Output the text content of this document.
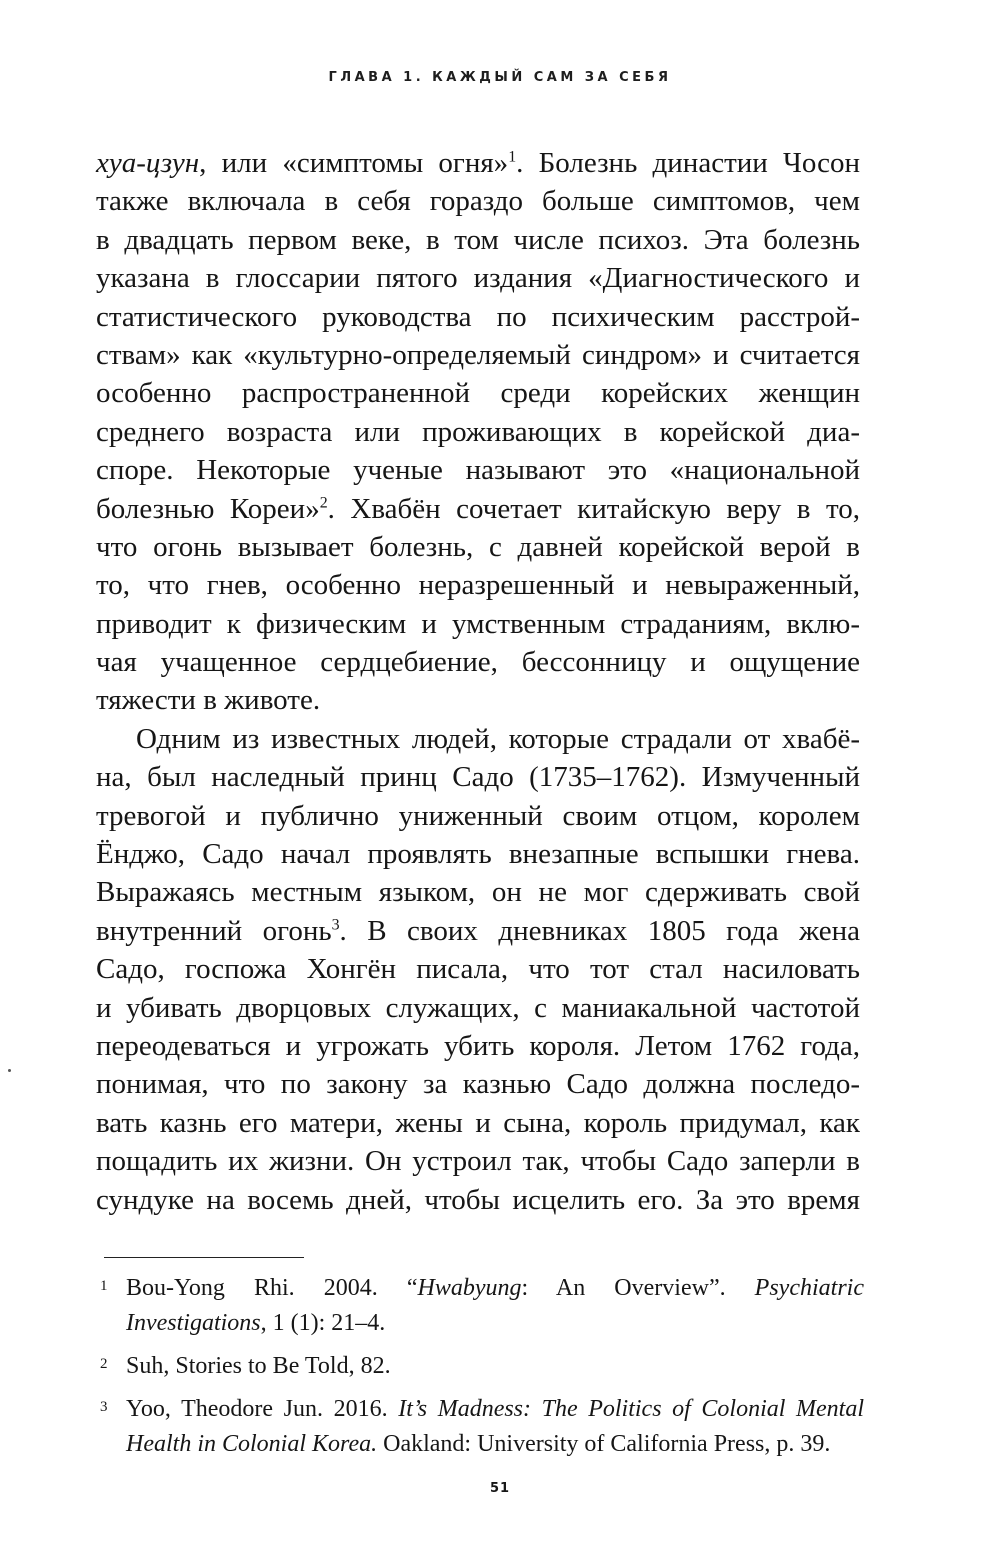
ГЛАВА 1. КАЖДЫЙ САМ ЗА СЕБЯ
хуа-цзун, или «симптомы огня»$^1$. Болезнь династии Чосон
также включала в себя гораздо больше симптомов, чем
в двадцать первом веке, в том числе психоз. Эта болезнь
указана в глоссарии пятого издания «Диагностического и
статистического руководства по психическим расстрой-
ствам» как «культурно-определяемый синдром» и считается
особенно распространенной среди корейских женщин
среднего возраста или проживающих в корейской диа-
споре. Некоторые ученые называют это «национальной
болезнью Кореи»$^2$. Хвабён сочетает китайскую веру в то,
что огонь вызывает болезнь, с давней корейской верой в
то, что гнев, особенно неразрешенный и невыраженный,
приводит к физическим и умственным страданиям, вклю-
чая учащенное сердцебиение, бессонницу и ощущение
тяжести в животе.
Одним из известных людей, которые страдали от хвабё-
на, был наследный принц Садо (1735–1762). Измученный
тревогой и публично униженный своим отцом, королем
Ёнджо, Садо начал проявлять внезапные вспышки гнева.
Выражаясь местным языком, он не мог сдерживать свой
внутренний огонь$^3$. В своих дневниках 1805 года жена
Садо, госпожа Хонгён писала, что тот стал насиловать
и убивать дворцовых служащих, с маниакальной частотой
переодеваться и угрожать убить короля. Летом 1762 года,
понимая, что по закону за казнью Садо должна последо-
вать казнь его матери, жены и сына, король придумал, как
пощадить их жизни. Он устроил так, чтобы Садо заперли в
сундуке на восемь дней, чтобы исцелить его. За это время
1 Bou-Yong Rhi. 2004. “Hwabyung: An Overview”. Psychiatric
Investigations, 1 (1): 21–4.
2 Suh, Stories to Be Told, 82.
3 Yoo, Theodore Jun. 2016. It’s Madness: The Politics of Colonial Mental
Health in Colonial Korea. Oakland: University of California Press, p. 39.
51
